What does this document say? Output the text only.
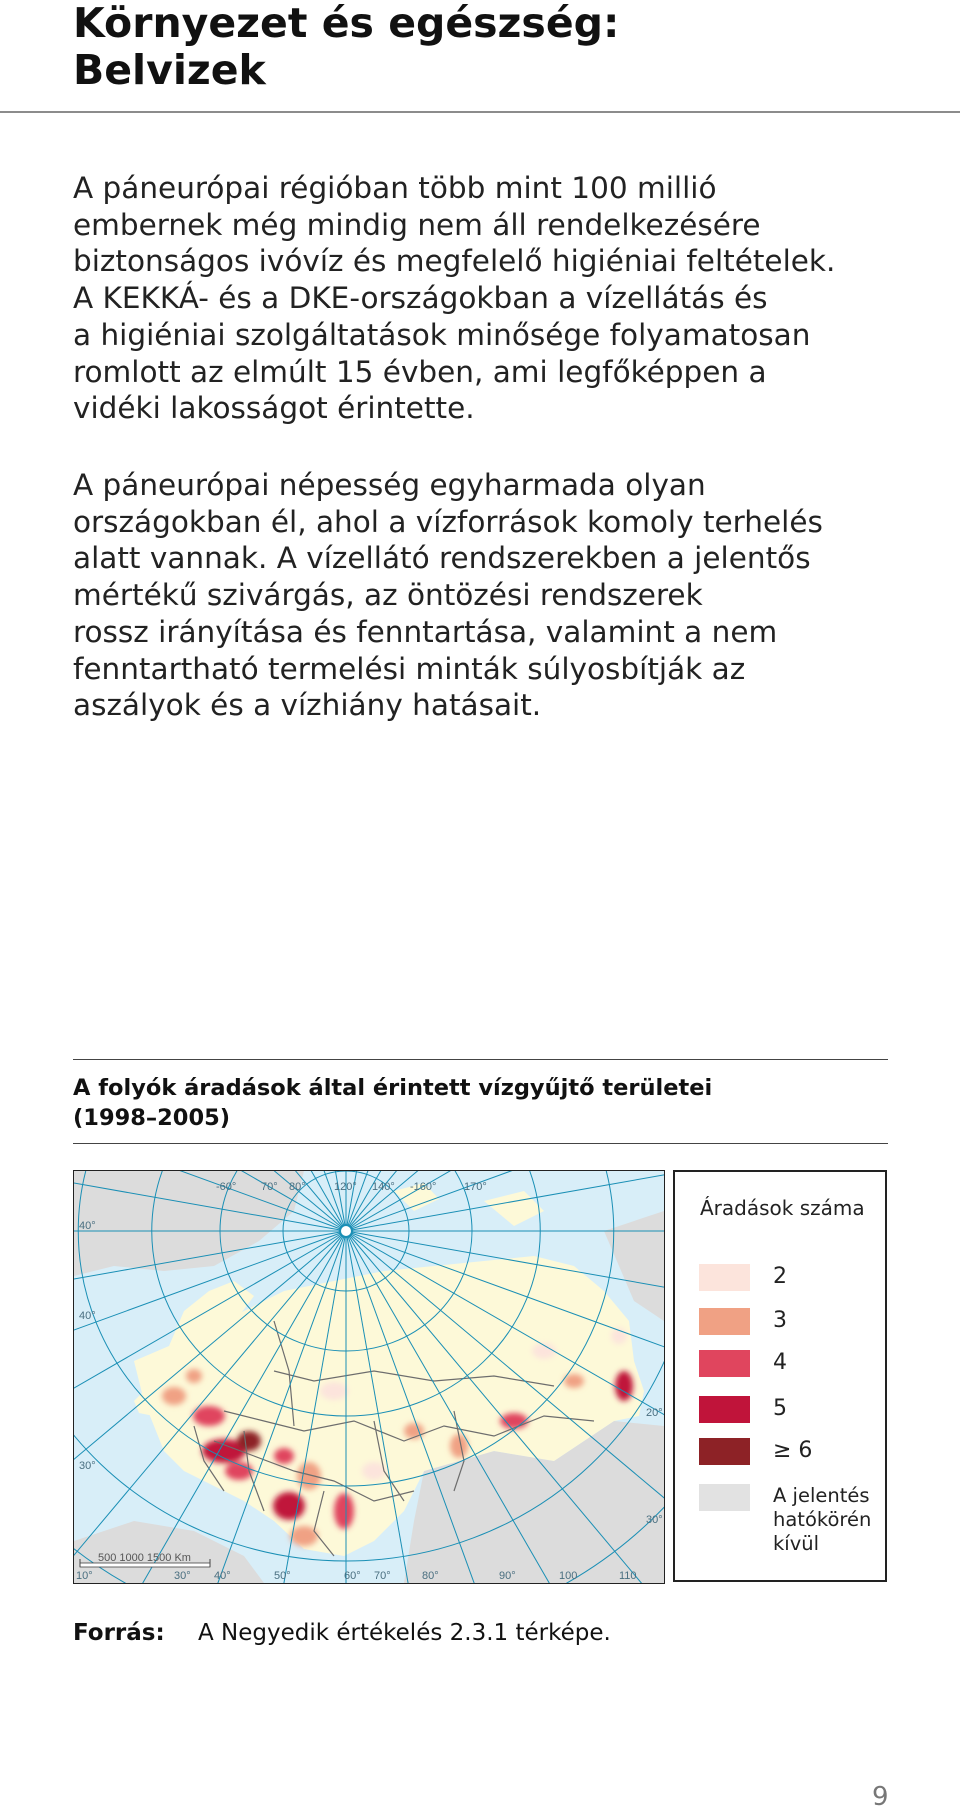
Környezet és egészség:
Belvizek

A páneurópai régióban több mint 100 millió
embernek még mindig nem áll rendelkezésére
biztonságos ivóvíz és megfelelő higiéniai feltételek.
A KEKKÁ- és a DKE-országokban a vízellátás és
a higiéniai szolgáltatások minősége folyamatosan
romlott az elmúlt 15 évben, ami legfőképpen a
vidéki lakosságot érintette.

A páneurópai népesség egyharmada olyan
országokban él, ahol a vízforrások komoly terhelés
alatt vannak. A vízellátó rendszerekben a jelentős
mértékű szivárgás, az öntözési rendszerek
rossz irányítása és fenntartása, valamint a nem
fenntartható termelési minták súlyosbítják az
aszályok és a vízhiány hatásait.

A folyók áradások által érintett vízgyűjtő területei
(1998–2005)
-60° 70° 80°	120° 140° -160°	170°
10°	30° 40°	50°	60° 70°	80°	90°	100	110
40°
40°
30°
20°
30°
500 1000 1500 Km
Áradások száma
2
3
4
5
≥ 6
A jelentés hatókörén kívül
Forrás: A Negyedik értékelés 2.3.1 térképe.
9
